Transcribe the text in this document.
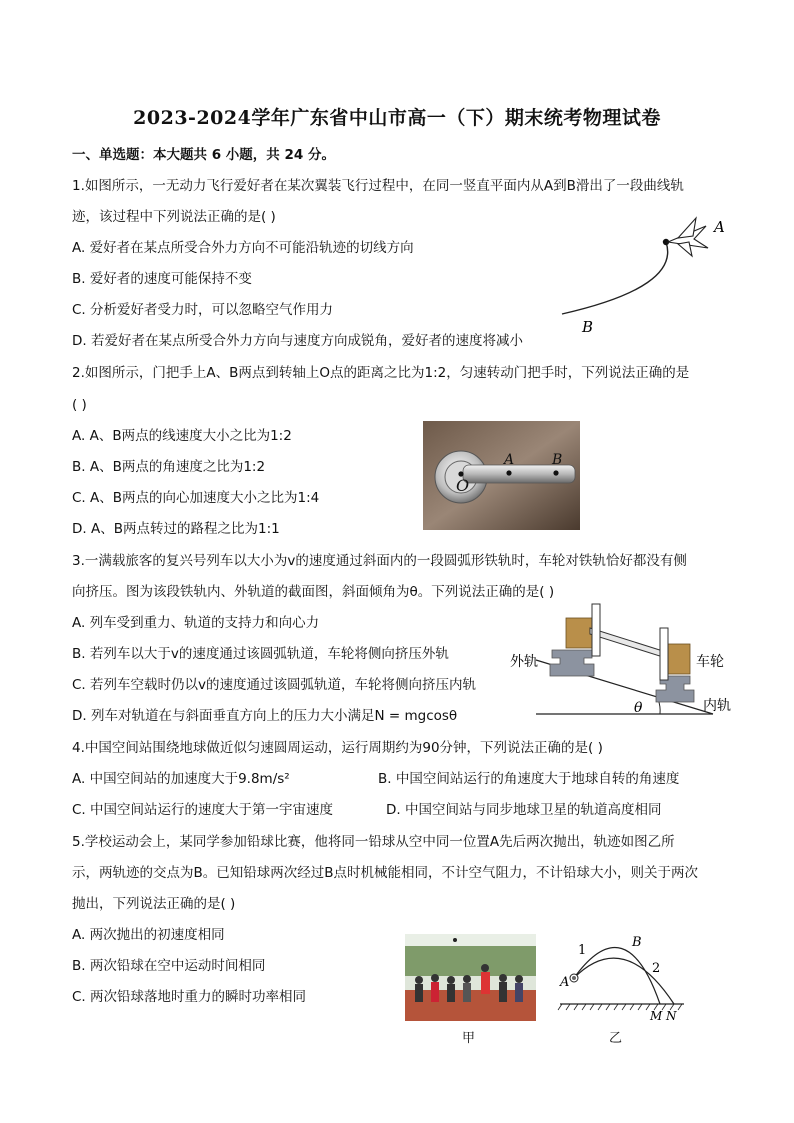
2023-2024学年广东省中山市高一（下）期末统考物理试卷
一、单选题：本大题共 6 小题，共 24 分。
1.如图所示，一无动力飞行爱好者在某次翼装飞行过程中，在同一竖直平面内从A到B滑出了一段曲线轨
迹，该过程中下列说法正确的是( )
A. 爱好者在某点所受合外力方向不可能沿轨迹的切线方向
B. 爱好者的速度可能保持不变
C. 分析爱好者受力时，可以忽略空气作用力
D. 若爱好者在某点所受合外力方向与速度方向成锐角，爱好者的速度将减小
A
B
2.如图所示，门把手上A、B两点到转轴上O点的距离之比为1:2，匀速转动门把手时，下列说法正确的是
( )
A. A、B两点的线速度大小之比为1:2
B. A、B两点的角速度之比为1:2
C. A、B两点的向心加速度大小之比为1:4
D. A、B两点转过的路程之比为1:1
O
A	B
3.一满载旅客的复兴号列车以大小为v的速度通过斜面内的一段圆弧形铁轨时，车轮对铁轨恰好都没有侧
向挤压。图为该段铁轨内、外轨道的截面图，斜面倾角为θ。下列说法正确的是( )
A. 列车受到重力、轨道的支持力和向心力
B. 若列车以大于v的速度通过该圆弧轨道，车轮将侧向挤压外轨
C. 若列车空载时仍以v的速度通过该圆弧轨道，车轮将侧向挤压内轨
D. 列车对轨道在与斜面垂直方向上的压力大小满足N = mgcosθ
外轨	车轮
内轨
θ
4.中国空间站围绕地球做近似匀速圆周运动，运行周期约为90分钟，下列说法正确的是( )
A. 中国空间站的加速度大于9.8m/s²	B. 中国空间站运行的角速度大于地球自转的角速度
C. 中国空间站运行的速度大于第一宇宙速度	D. 中国空间站与同步地球卫星的轨道高度相同
5.学校运动会上，某同学参加铅球比赛，他将同一铅球从空中同一位置A先后两次抛出，轨迹如图乙所
示，两轨迹的交点为B。已知铅球两次经过B点时机械能相同，不计空气阻力，不计铅球大小，则关于两次
抛出，下列说法正确的是( )
A. 两次抛出的初速度相同
B. 两次铅球在空中运动时间相同
C. 两次铅球落地时重力的瞬时功率相同
甲
1
2
A
B
M N
乙
